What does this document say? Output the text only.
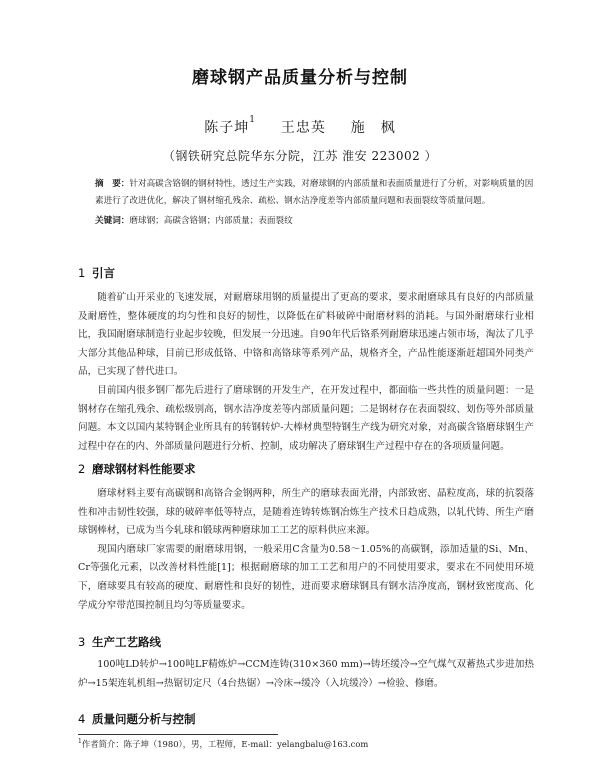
磨球钢产品质量分析与控制
陈子坤$^1$ 王忠英 施　枫
（钢铁研究总院华东分院，江苏 淮安 223002 ）

摘　要：针对高碳含铬钢的钢材特性，透过生产实践，对磨球钢的内部质量和表面质量进行了分析，对影响质量的因素进行了改进优化，解决了钢材缩孔残余、疏松、钢水洁净度差等内部质量问题和表面裂纹等质量问题。

关键词：磨球钢；高碳含铬钢；内部质量；表面裂纹

1 引言

随着矿山开采业的飞速发展，对耐磨球用钢的质量提出了更高的要求，要求耐磨球具有良好的内部质量及耐磨性，整体硬度的均匀性和良好的韧性，以降低在矿料破碎中耐磨材料的消耗。与国外耐磨球行业相比，我国耐磨球制造行业起步较晚，但发展一分迅速。自90年代后铬系列耐磨球迅速占领市场，淘汰了几乎大部分其他品种球，目前已形成低铬、中铬和高铬球等系列产品，规格齐全，产品性能逐渐赶超国外同类产品，已实现了替代进口。

目前国内很多钢厂都先后进行了磨球钢的开发生产，在开发过程中，都面临一些共性的质量问题：一是钢材存在缩孔残余、疏松级别高，钢水洁净度差等内部质量问题；二是钢材存在表面裂纹、划伤等外部质量问题。本文以国内某特钢企业所具有的转钢转炉-大棒材典型特钢生产线为研究对象，对高碳含铬磨球钢生产过程中存在的内、外部质量问题进行分析、控制，成功解决了磨球钢生产过程中存在的各项质量问题。

2 磨球钢材料性能要求

磨球材料主要有高碳钢和高铬合金钢两种，所生产的磨球表面光滑，内部致密、晶粒度高，球的抗裂落性和冲击韧性较强，球的破碎率低等特点，是随着连铸转炼钢冶炼生产技术日趋成熟，以轧代铸、所生产磨球钢棒材，已成为当今轧球和锻球两种磨球加工工艺的原料供应来源。

现国内磨球厂家需要的耐磨球用钢，一般采用C含量为0.58～1.05%的高碳钢，添加适量的Si、Mn、Cr等强化元素，以改善材料性能[1]；根据耐磨球的加工工艺和用户的不同使用要求，要求在不同使用环境下，磨球要具有较高的硬度、耐磨性和良好的韧性，进而要求磨球钢具有钢水洁净度高，钢材致密度高、化学成分窄带范围控制且均匀等质量要求。

3 生产工艺路线

100吨LD转炉→100吨LF精炼炉→CCM连铸(310×360 mm)→铸坯缓冷→空气煤气双蓄热式步进加热炉→15架连轧机组→热锯切定尺（4台热锯）→冷床→缓冷（入坑缓冷）→检验、修磨。

4 质量问题分析与控制
$^1$作者简介：陈子坤（1980），男，工程师，E-mail：yelangbalu@163.com
